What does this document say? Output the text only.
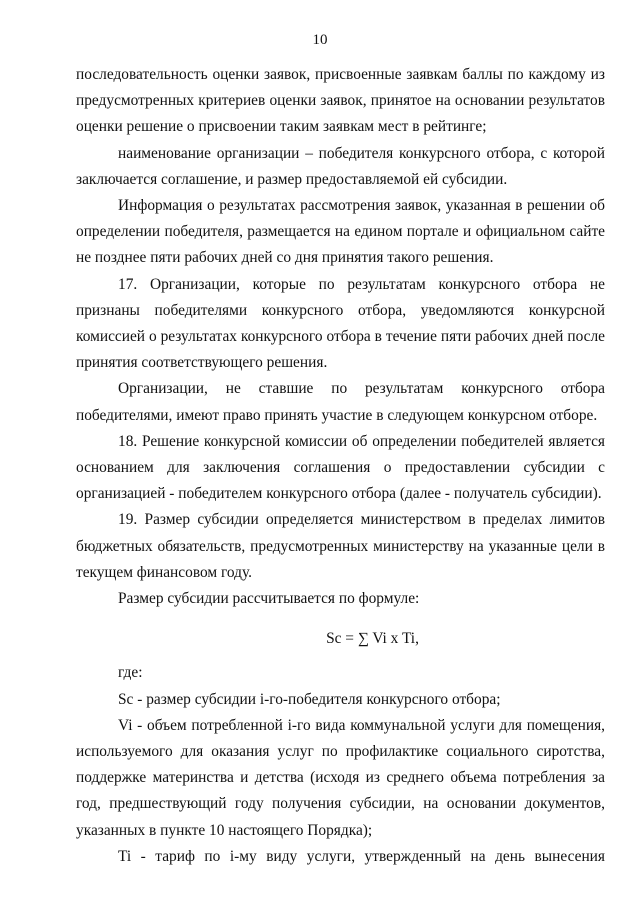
10

последовательность оценки заявок, присвоенные заявкам баллы по каждому из предусмотренных критериев оценки заявок, принятое на основании результатов оценки решение о присвоении таким заявкам мест в рейтинге;

наименование организации – победителя конкурсного отбора, с которой заключается соглашение, и размер предоставляемой ей субсидии.

Информация о результатах рассмотрения заявок, указанная в решении об определении победителя, размещается на едином портале и официальном сайте не позднее пяти рабочих дней со дня принятия такого решения.

17. Организации, которые по результатам конкурсного отбора не признаны победителями конкурсного отбора, уведомляются конкурсной комиссией о результатах конкурсного отбора в течение пяти рабочих дней после принятия соответствующего решения.

Организации, не ставшие по результатам конкурсного отбора победителями, имеют право принять участие в следующем конкурсном отборе.

18. Решение конкурсной комиссии об определении победителей является основанием для заключения соглашения о предоставлении субсидии с организацией - победителем конкурсного отбора (далее - получатель субсидии).

19. Размер субсидии определяется министерством в пределах лимитов бюджетных обязательств, предусмотренных министерству на указанные цели в текущем финансовом году.

Размер субсидии рассчитывается по формуле:

Sc = ∑ Vi x Ti,

где:

Sc - размер субсидии i-го-победителя конкурсного отбора;

Vi - объем потребленной i-го вида коммунальной услуги для помещения, используемого для оказания услуг по профилактике социального сиротства, поддержке материнства и детства (исходя из среднего объема потребления за год, предшествующий году получения субсидии, на основании документов, указанных в пункте 10 настоящего Порядка);

Ti - тариф по i-му виду услуги, утвержденный на день вынесения
